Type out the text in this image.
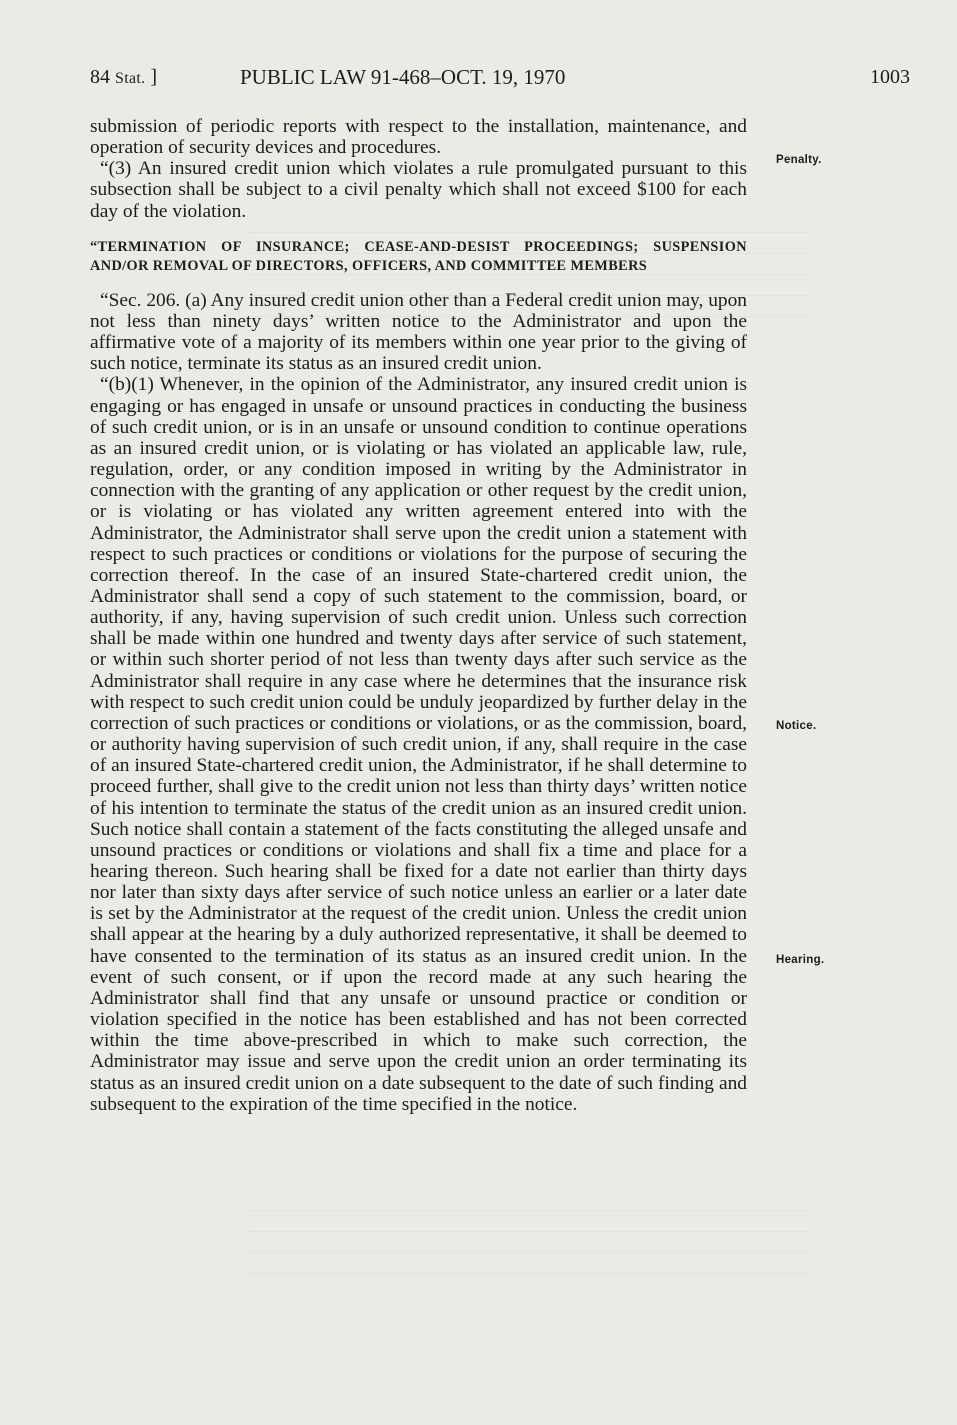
84 Stat. ]	PUBLIC LAW 91-468–OCT. 19, 1970	1003
Penalty.
Notice.
Hearing.

submission of periodic reports with respect to the installation, maintenance, and operation of security devices and procedures.

“(3) An insured credit union which violates a rule promulgated pursuant to this subsection shall be subject to a civil penalty which shall not exceed $100 for each day of the violation.

“TERMINATION OF INSURANCE; CEASE-AND-DESIST PROCEEDINGS; SUSPENSION AND/OR REMOVAL OF DIRECTORS, OFFICERS, AND COMMITTEE MEMBERS

“Sec. 206. (a) Any insured credit union other than a Federal credit union may, upon not less than ninety days’ written notice to the Administrator and upon the affirmative vote of a majority of its members within one year prior to the giving of such notice, terminate its status as an insured credit union.

“(b)(1) Whenever, in the opinion of the Administrator, any insured credit union is engaging or has engaged in unsafe or unsound practices in conducting the business of such credit union, or is in an unsafe or unsound condition to continue operations as an insured credit union, or is violating or has violated an applicable law, rule, regulation, order, or any condition imposed in writing by the Administrator in connection with the granting of any application or other request by the credit union, or is violating or has violated any written agreement entered into with the Administrator, the Administrator shall serve upon the credit union a statement with respect to such practices or conditions or violations for the purpose of securing the correction thereof. In the case of an insured State-chartered credit union, the Administrator shall send a copy of such statement to the commission, board, or authority, if any, having supervision of such credit union. Unless such correction shall be made within one hundred and twenty days after service of such statement, or within such shorter period of not less than twenty days after such service as the Administrator shall require in any case where he determines that the insurance risk with respect to such credit union could be unduly jeopardized by further delay in the correction of such practices or conditions or violations, or as the commission, board, or authority having supervision of such credit union, if any, shall require in the case of an insured State-chartered credit union, the Administrator, if he shall determine to proceed further, shall give to the credit union not less than thirty days’ written notice of his intention to terminate the status of the credit union as an insured credit union. Such notice shall contain a statement of the facts constituting the alleged unsafe and unsound practices or conditions or violations and shall fix a time and place for a hearing thereon. Such hearing shall be fixed for a date not earlier than thirty days nor later than sixty days after service of such notice unless an earlier or a later date is set by the Administrator at the request of the credit union. Unless the credit union shall appear at the hearing by a duly authorized representative, it shall be deemed to have consented to the termination of its status as an insured credit union. In the event of such consent, or if upon the record made at any such hearing the Administrator shall find that any unsafe or unsound practice or condition or violation specified in the notice has been established and has not been corrected within the time above-prescribed in which to make such correction, the Administrator may issue and serve upon the credit union an order terminating its status as an insured credit union on a date subsequent to the date of such finding and subsequent to the expiration of the time specified in the notice.
